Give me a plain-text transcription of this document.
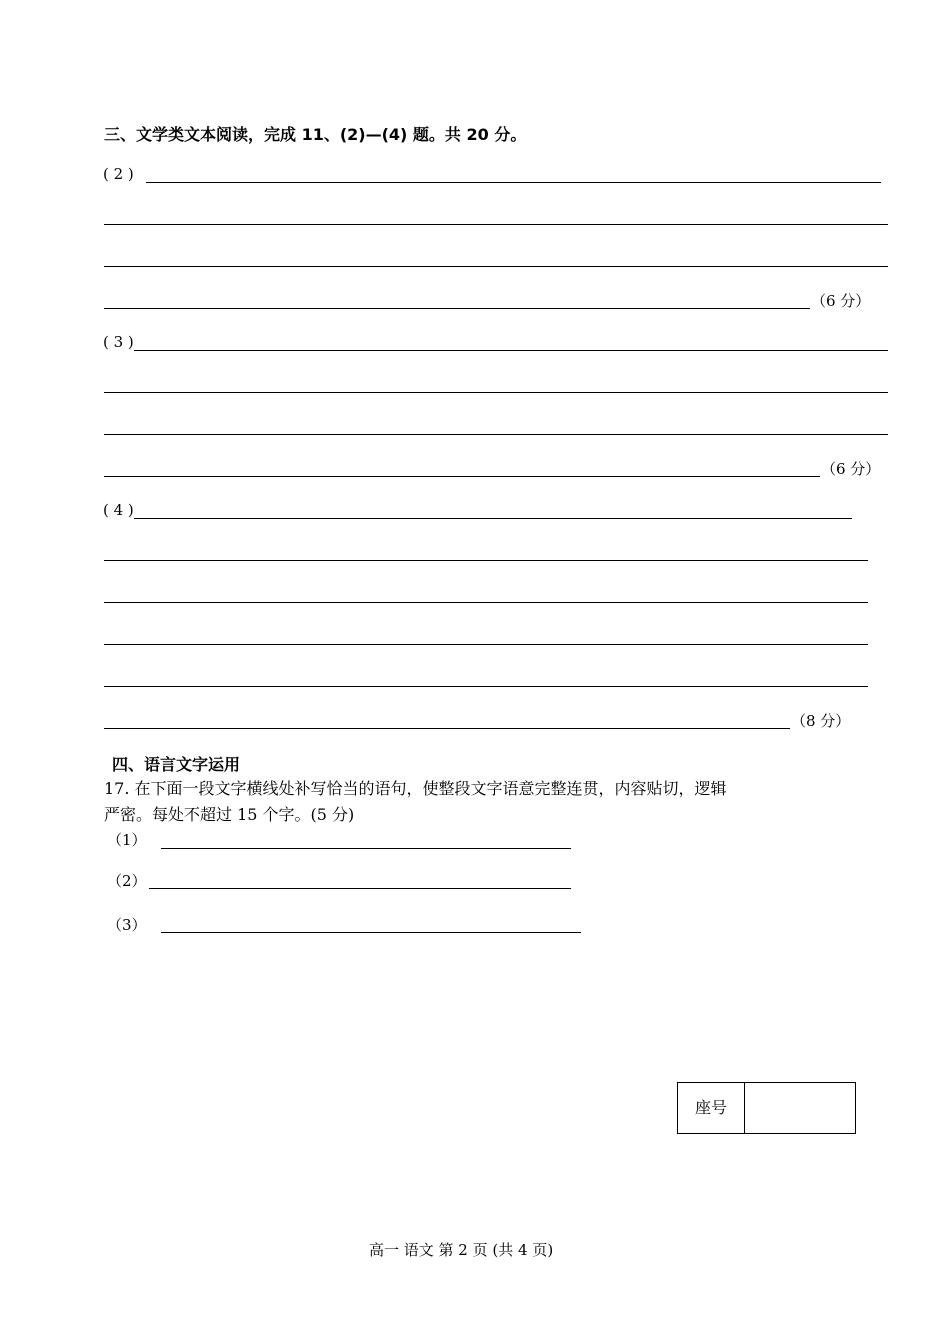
三、文学类文本阅读，完成 11、(2)—(4) 题。共 20 分。
( 2 )
（6 分）
( 3 )
（6 分）
( 4 )
（8 分）
四、语言文字运用
17. 在下面一段文字横线处补写恰当的语句，使整段文字语意完整连贯，内容贴切，逻辑
严密。每处不超过 15 个字。(5 分)
（1）
（2）
（3）
座号
高一 语文 第 2 页 (共 4 页)
